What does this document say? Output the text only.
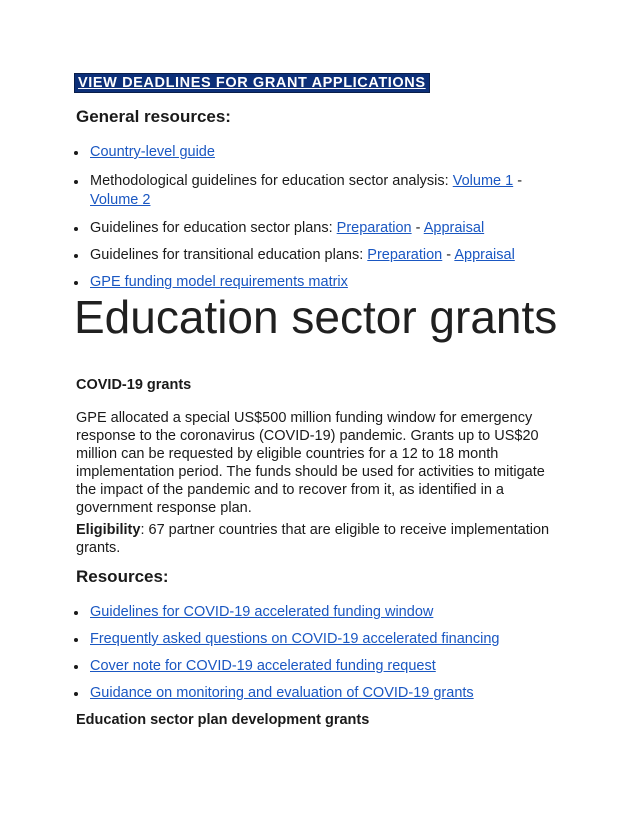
VIEW DEADLINES FOR GRANT APPLICATIONS
General resources:
Country-level guide
Methodological guidelines for education sector analysis: Volume 1 -
Volume 2
Guidelines for education sector plans: Preparation - Appraisal
Guidelines for transitional education plans: Preparation - Appraisal
GPE funding model requirements matrix
Education sector grants
COVID-19 grants

GPE allocated a special US$500 million funding window for emergency response to the coronavirus (COVID-19) pandemic. Grants up to US$20 million can be requested by eligible countries for a 12 to 18 month implementation period. The funds should be used for activities to mitigate the impact of the pandemic and to recover from it, as identified in a government response plan.

Eligibility: 67 partner countries that are eligible to receive implementation grants.

Resources:
Guidelines for COVID-19 accelerated funding window
Frequently asked questions on COVID-19 accelerated financing
Cover note for COVID-19 accelerated funding request
Guidance on monitoring and evaluation of COVID-19 grants
Education sector plan development grants
